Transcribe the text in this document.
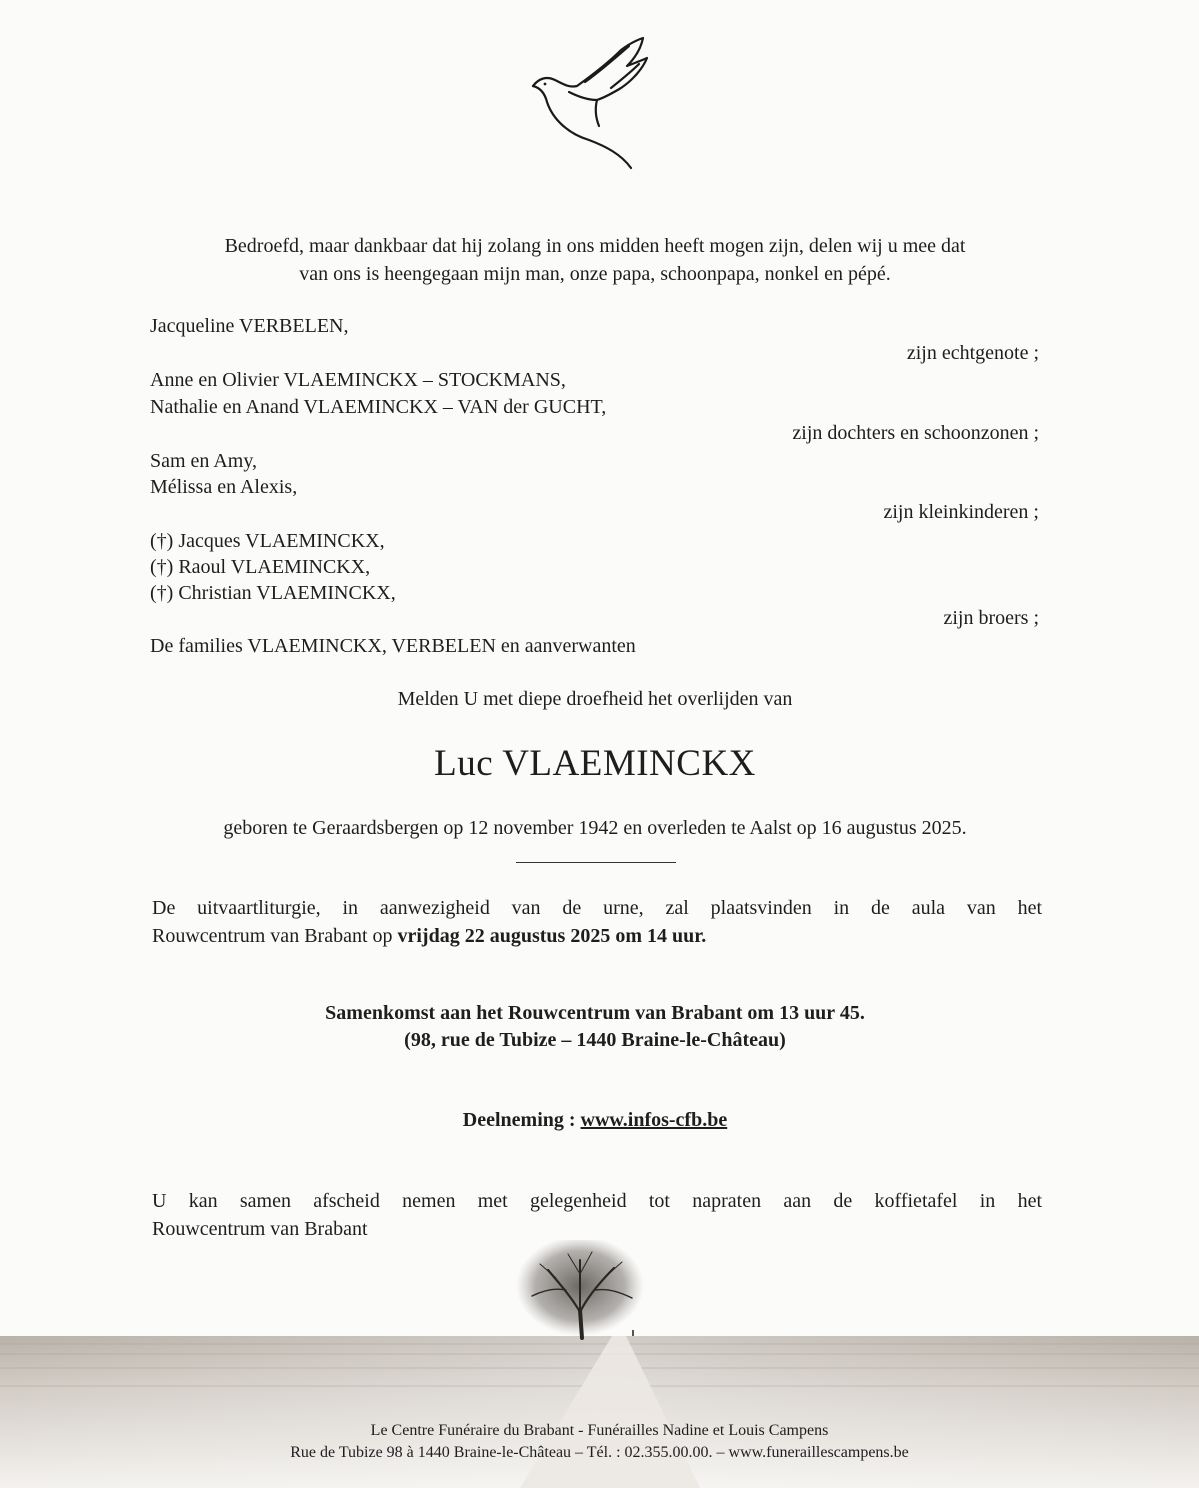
Bedroefd, maar dankbaar dat hij zolang in ons midden heeft mogen zijn, delen wij u mee dat
van ons is heengegaan mijn man, onze papa, schoonpapa, nonkel en pépé.
Jacqueline VERBELEN,
zijn echtgenote ;
Anne en Olivier VLAEMINCKX – STOCKMANS,
Nathalie en Anand VLAEMINCKX – VAN der GUCHT,
zijn dochters en schoonzonen ;
Sam en Amy,
Mélissa en Alexis,
zijn kleinkinderen ;
(†) Jacques VLAEMINCKX,
(†) Raoul VLAEMINCKX,
(†) Christian VLAEMINCKX,
zijn broers ;
De families VLAEMINCKX, VERBELEN en aanverwanten
Melden U met diepe droefheid het overlijden van
Luc VLAEMINCKX
geboren te Geraardsbergen op 12 november 1942 en overleden te Aalst op 16 augustus 2025.
De uitvaartliturgie, in aanwezigheid van de urne, zal plaatsvinden in de aula van het
Rouwcentrum van Brabant op vrijdag 22 augustus 2025 om 14 uur.
Samenkomst aan het Rouwcentrum van Brabant om 13 uur 45.
(98, rue de Tubize – 1440 Braine-le-Château)
Deelneming : www.infos-cfb.be
U kan samen afscheid nemen met gelegenheid tot napraten aan de koffietafel in het
Rouwcentrum van Brabant
Le Centre Funéraire du Brabant - Funérailles Nadine et Louis Campens
Rue de Tubize 98 à 1440 Braine-le-Château – Tél. : 02.355.00.00. – www.funeraillescampens.be
